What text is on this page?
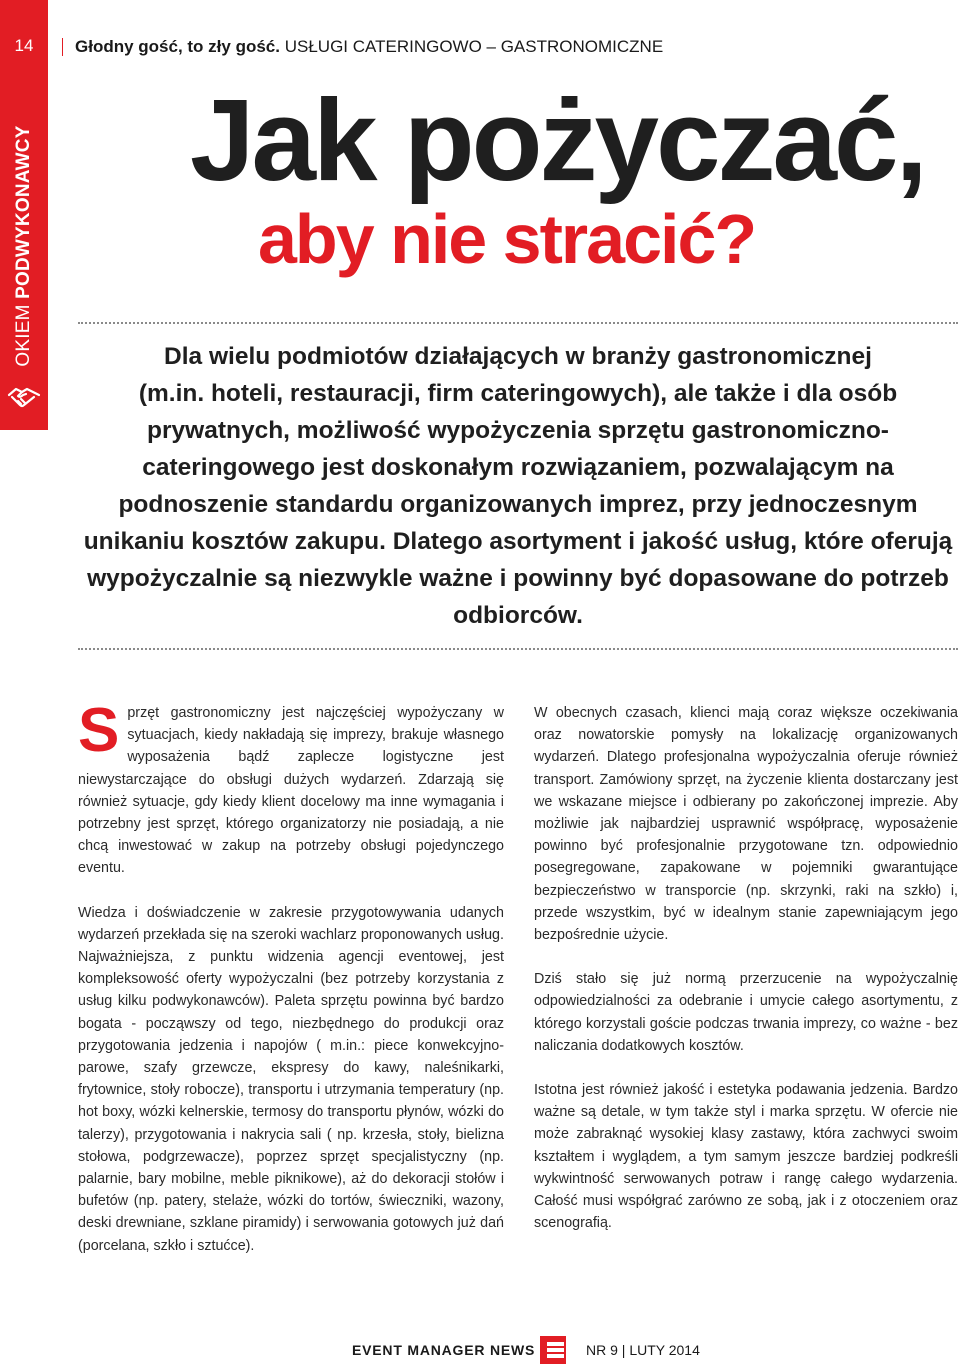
14
OKIEM PODWYKONAWCY
Głodny gość, to zły gość. USŁUGI CATERINGOWO – GASTRONOMICZNE
Jak pożyczać,
aby nie stracić?
Dla wielu podmiotów działających w branży gastronomicznej
(m.in. hoteli, restauracji, firm cateringowych), ale także i dla osób prywatnych, możliwość wypożyczenia sprzętu gastronomiczno-cateringowego jest doskonałym rozwiązaniem, pozwalającym na podnoszenie standardu organizowanych imprez, przy jednoczesnym unikaniu kosztów zakupu. Dlatego asortyment i jakość usług, które oferują wypożyczalnie są niezwykle ważne i powinny być dopasowane do potrzeb odbiorców.

Sprzęt gastronomiczny jest najczęściej wypożyczany w sytuacjach, kiedy nakładają się imprezy, brakuje własnego wyposażenia bądź zaplecze logistyczne jest niewystarczające do obsługi dużych wydarzeń. Zdarzają się również sytuacje, gdy kiedy klient docelowy ma inne wymagania i potrzebny jest sprzęt, którego organizatorzy nie posiadają, a nie chcą inwestować w zakup na potrzeby obsługi pojedynczego eventu.

Wiedza i doświadczenie w zakresie przygotowywania udanych wydarzeń przekłada się na szeroki wachlarz proponowanych usług. Najważniejsza, z punktu widzenia agencji eventowej, jest kompleksowość oferty wypożyczalni (bez potrzeby korzystania z usług kilku podwykonawców). Paleta sprzętu powinna być bardzo bogata - począwszy od tego, niezbędnego do produkcji oraz przygotowania jedzenia i napojów ( m.in.: piece konwekcyjno-parowe, szafy grzewcze, ekspresy do kawy, naleśnikarki, frytownice, stoły robocze), transportu i utrzymania temperatury (np. hot boxy, wózki kelnerskie, termosy do transportu płynów, wózki do talerzy), przygotowania i nakrycia sali ( np. krzesła, stoły, bielizna stołowa, podgrzewacze), poprzez sprzęt specjalistyczny (np. palarnie, bary mobilne, meble piknikowe), aż do dekoracji stołów i bufetów (np. patery, stelaże, wózki do tortów, świeczniki, wazony, deski drewniane, szklane piramidy) i serwowania gotowych już dań (porcelana, szkło i sztućce).

W obecnych czasach, klienci mają coraz większe oczekiwania oraz nowatorskie pomysły na lokalizację organizowanych wydarzeń. Dlatego profesjonalna wypożyczalnia oferuje również transport. Zamówiony sprzęt, na życzenie klienta dostarczany jest we wskazane miejsce i odbierany po zakończonej imprezie. Aby możliwie jak najbardziej usprawnić współpracę, wyposażenie powinno być profesjonalnie przygotowane tzn. odpowiednio posegregowane, zapakowane w pojemniki gwarantujące bezpieczeństwo w transporcie (np. skrzynki, raki na szkło) i, przede wszystkim, być w idealnym stanie zapewniającym jego bezpośrednie użycie.

Dziś stało się już normą przerzucenie na wypożyczalnię odpowiedzialności za odebranie i umycie całego asortymentu, z którego korzystali goście podczas trwania imprezy, co ważne - bez naliczania dodatkowych kosztów.

Istotna jest również jakość i estetyka podawania jedzenia. Bardzo ważne są detale, w tym także styl i marka sprzętu. W ofercie nie może zabraknąć wysokiej klasy zastawy, która zachwyci swoim kształtem i wyglądem, a tym samym jeszcze bardziej podkreśli wykwintność serwowanych potraw i rangę całego wydarzenia. Całość musi współgrać zarówno ze sobą, jak i z otoczeniem oraz scenografią.

EVENT MANAGER NEWS	NR 9 | LUTY 2014
